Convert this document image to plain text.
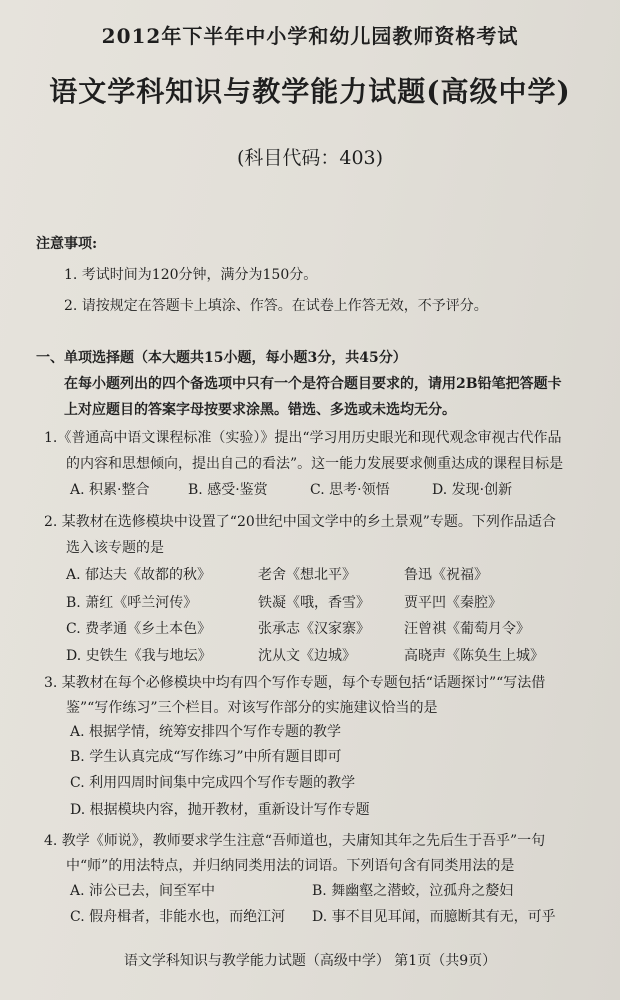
2012年下半年中小学和幼儿园教师资格考试
语文学科知识与教学能力试题(高级中学)
(科目代码：403)
注意事项:
1. 考试时间为120分钟，满分为150分。
2. 请按规定在答题卡上填涂、作答。在试卷上作答无效，不予评分。
一、单项选择题（本大题共15小题，每小题3分，共45分）
在每小题列出的四个备选项中只有一个是符合题目要求的，请用2B铅笔把答题卡
上对应题目的答案字母按要求涂黑。错选、多选或未选均无分。
1.《普通高中语文课程标准（实验）》提出“学习用历史眼光和现代观念审视古代作品
的内容和思想倾向，提出自己的看法”。这一能力发展要求侧重达成的课程目标是
A. 积累·整合	B. 感受·鉴赏	C. 思考·领悟	D. 发现·创新
2. 某教材在选修模块中设置了“20世纪中国文学中的乡土景观”专题。下列作品适合
选入该专题的是
A. 郁达夫《故都的秋》	老舍《想北平》	鲁迅《祝福》
B. 萧红《呼兰河传》	铁凝《哦，香雪》 贾平凹《秦腔》
C. 费孝通《乡土本色》	张承志《汉家寨》 汪曾祺《葡萄月令》
D. 史铁生《我与地坛》	沈从文《边城》	高晓声《陈奂生上城》
3. 某教材在每个必修模块中均有四个写作专题，每个专题包括“话题探讨”“写法借
鉴”“写作练习”三个栏目。对该写作部分的实施建议恰当的是
A. 根据学情，统筹安排四个写作专题的教学
B. 学生认真完成“写作练习”中所有题目即可
C. 利用四周时间集中完成四个写作专题的教学
D. 根据模块内容，抛开教材，重新设计写作专题
4. 教学《师说》，教师要求学生注意“吾师道也，夫庸知其年之先后生于吾乎”一句
中“师”的用法特点，并归纳同类用法的词语。下列语句含有同类用法的是
A. 沛公已去，间至军中	B. 舞幽壑之潜蛟，泣孤舟之嫠妇
C. 假舟楫者，非能水也，而绝江河 D. 事不目见耳闻，而臆断其有无，可乎
语文学科知识与教学能力试题（高级中学） 第1页（共9页）
